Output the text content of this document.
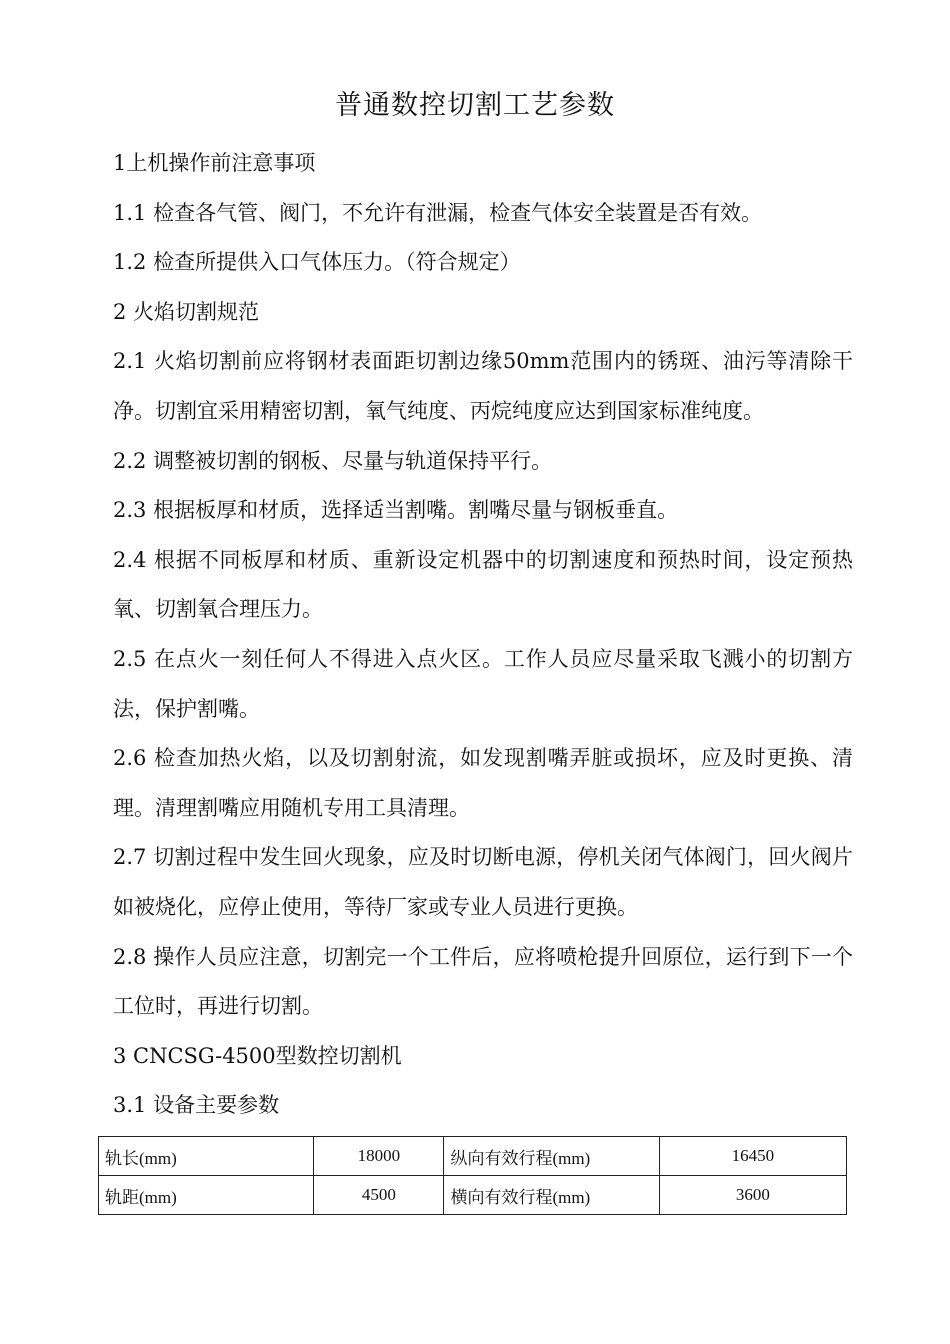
普通数控切割工艺参数

1上机操作前注意事项

1.1 检查各气管、阀门，不允许有泄漏，检查气体安全装置是否有效。

1.2 检查所提供入口气体压力。（符合规定）

2 火焰切割规范

2.1 火焰切割前应将钢材表面距切割边缘50mm范围内的锈斑、油污等清除干净。切割宜采用精密切割，氧气纯度、丙烷纯度应达到国家标准纯度。

2.2 调整被切割的钢板、尽量与轨道保持平行。

2.3 根据板厚和材质，选择适当割嘴。割嘴尽量与钢板垂直。

2.4 根据不同板厚和材质、重新设定机器中的切割速度和预热时间，设定预热氧、切割氧合理压力。

2.5 在点火一刻任何人不得进入点火区。工作人员应尽量采取飞溅小的切割方法，保护割嘴。

2.6 检查加热火焰，以及切割射流，如发现割嘴弄脏或损坏，应及时更换、清理。清理割嘴应用随机专用工具清理。

2.7 切割过程中发生回火现象，应及时切断电源，停机关闭气体阀门，回火阀片如被烧化，应停止使用，等待厂家或专业人员进行更换。

2.8 操作人员应注意，切割完一个工件后，应将喷枪提升回原位，运行到下一个工位时，再进行切割。

3 CNCSG-4500型数控切割机

3.1 设备主要参数

轨长(mm)	18000	纵向有效行程(mm)	16450
轨距(mm)	4500	横向有效行程(mm)	3600
